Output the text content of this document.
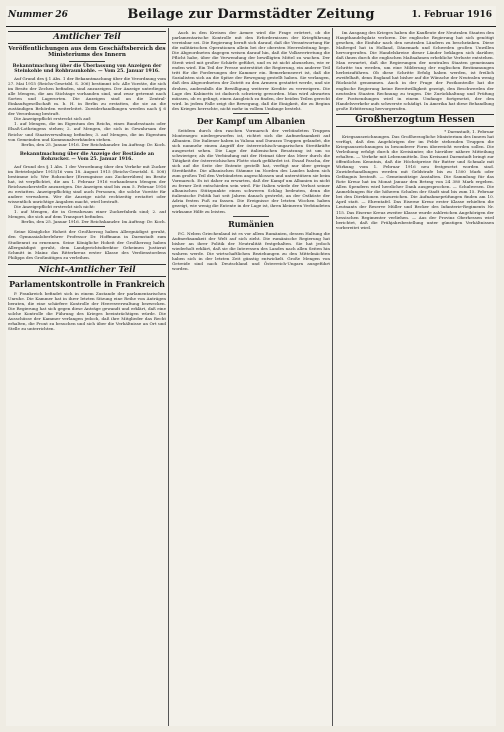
Nummer 26	Beilage zur Darmstädter Zeitung	1. Februar 1916
Amtlicher Teil
Veröffentlichungen aus dem Geschäftsbereich des Ministeriums des Innern

Bekanntmachung über die Überlassung von Anzeigen der Steinkohle und Rohbraunkohle. — Vom 25. Januar 1916.

Auf Grund des § 1 Abs. 1 der Bekanntmachung über die Verordnung vom 27. Mai 1915 (Reichs-Gesetzbl. S. 306) bestimmt ich: Alle Vorräte, die sich im Besitz der Zechen befinden, sind anzuzeigen. Der Anzeige unterliegen alle Mengen, die am Stichtage vorhanden sind, und zwar getrennt nach Sorten und Lagerorten. Die Anzeigen sind an die Zentral-Einkaufsgesellschaft m. b. H. in Berlin zu erstatten, die sie an die zuständigen Behörden weiterleitet. Zuwiderhandlungen werden nach § 6 der Verordnung bestraft.

Die Anzeigepflicht erstreckt sich auf:

1. auf Mengen, die im Eigentum des Reichs, eines Bundesstaats oder Elsaß-Lothringens stehen; 2. auf Mengen, die sich in Gewahrsam der Reichs- und Staatsverwaltung befinden; 3. auf Mengen, die im Eigentum von Gemeinden und Kommunalverbänden stehen.

Berlin, den 25. Januar 1916. Der Reichskanzler. Im Auftrag: Dr. Koch.

Bekanntmachung über die Anzeige der Bestände an Rohzucker. — Vom 25. Januar 1916.

Auf Grund des § 1 Abs. 1 der Verordnung über den Verkehr mit Zucker im Betriebsjahre 1915/16 vom 18. August 1915 (Reichs-Gesetzbl. S. 508) bestimme ich: Wer Rohzucker (Erzeugnisse aus Zuckerrüben) im Besitz hat, ist verpflichtet, die am 1. Februar 1916 vorhandenen Mengen der Reichszuckerstelle anzuzeigen. Die Anzeigen sind bis zum 5. Februar 1916 zu erstatten. Anzeigepflichtig sind auch Personen, die solche Vorräte für andere verwahren. Wer die Anzeige nicht rechtzeitig erstattet oder wissentlich unrichtige Angaben macht, wird bestraft.

Die Anzeigepflicht erstreckt sich nicht:

1. auf Mengen, die in Gewahrsam einer Zuckerfabrik sind; 2. auf Mengen, die sich auf dem Transport befinden.

Berlin, den 25. Januar 1916. Der Reichskanzler. Im Auftrag: Dr. Koch.

Seine Königliche Hoheit der Großherzog haben Allergnädigst geruht, den Gymnasialoberlehrer Professor Dr. Hoffmann in Darmstadt zum Studienrat zu ernennen. Seine Königliche Hoheit der Großherzog haben Allergnädigst geruht, dem Landgerichtsdirektor Geheimen Justizrat Schmitt in Mainz das Ritterkreuz erster Klasse des Verdienstordens Philipps des Großmütigen zu verleihen.

Nicht-Amtlicher Teil
Parlamentskontrolle in Frankreich

P. Frankreich befindet sich in einem Zustande der parlamentarischen Unruhe. Die Kammer hat in ihrer letzten Sitzung eine Reihe von Anträgen beraten, die eine schärfere Kontrolle der Heeresverwaltung bezwecken. Die Regierung hat sich gegen diese Anträge gewandt und erklärt, daß eine solche Kontrolle die Führung des Krieges beeinträchtigen würde. Die Ausschüsse der Kammer verlangen jedoch, daß ihre Mitglieder das Recht erhalten, die Front zu besuchen und sich über die Verhältnisse an Ort und Stelle zu unterrichten.

Auch in den Kreisen der Armee wird die Frage erörtert, ob die parlamentarische Kontrolle mit den Erfordernissen der Kriegführung vereinbar sei. Die Regierung beruft sich darauf, daß die Verantwortung für die militärischen Operationen allein bei der obersten Heeresleitung liege. Die Abgeordneten dagegen weisen darauf hin, daß die Volksvertretung die Pflicht habe, über die Verwendung der bewilligten Mittel zu wachen. Der Streit wird mit großer Schärfe geführt, und es ist nicht abzusehen, wie er enden wird. Ein Teil der Presse unterstützt die Regierung, ein anderer Teil tritt für die Forderungen der Kammer ein. Bemerkenswert ist, daß die Sozialisten sich an die Spitze der Bewegung gestellt haben. Sie verlangen, daß den Abgeordneten der Zutritt zu den Armeen gestattet werde, und sie drohen, andernfalls die Bewilligung weiterer Kredite zu verweigern. Die Lage des Kabinetts ist dadurch schwierig geworden. Man wird abwarten müssen, ob es gelingt, einen Ausgleich zu finden, der beiden Teilen gerecht wird. In jedem Falle zeigt die Bewegung, daß die Einigkeit, die zu Beginn des Krieges herrschte, nicht mehr in vollem Umfange besteht.

Der Kampf um Albanien

Seitdem durch den raschen Vormarsch der verbündeten Truppen Montenegro niedergeworfen ist, richtet sich die Aufmerksamkeit auf Albanien. Die Italiener haben in Valona und Durazzo Truppen gelandet, die sich nunmehr einem Angriff der österreichisch-ungarischen Streitkräfte ausgesetzt sehen. Die Lage der italienischen Besatzung ist um so schwieriger, als die Verbindung mit der Heimat über das Meer durch die Tätigkeit der österreichischen Flotte stark gefährdet ist. Essad Pascha, der sich auf die Seite der Entente gestellt hat, verfügt nur über geringe Streitkräfte. Die albanischen Stämme im Norden des Landes haben sich zum großen Teil den Verbündeten angeschlossen und unterstützen sie beim Vormarsch. Es ist daher zu erwarten, daß der Kampf um Albanien in nicht zu ferner Zeit entschieden sein wird. Für Italien würde der Verlust seiner albanischen Stützpunkte einen schweren Schlag bedeuten, denn die italienische Politik hat seit Jahren danach gestrebt, an der Ostküste der Adria festen Fuß zu fassen. Die Ereignisse der letzten Wochen haben gezeigt, wie wenig die Entente in der Lage ist, ihren kleineren Verbündeten wirksame Hilfe zu leisten.

Rumänien

P.C. Neben Griechenland ist es vor allem Rumänien, dessen Haltung die Aufmerksamkeit der Welt auf sich zieht. Die rumänische Regierung hat bisher an ihrer Politik der Neutralität festgehalten. Sie hat jedoch wiederholt erklärt, daß sie die Interessen des Landes nach allen Seiten hin wahren werde. Die wirtschaftlichen Beziehungen zu den Mittelmächten haben sich in der letzten Zeit günstig entwickelt. Große Mengen von Getreide sind nach Deutschland und Österreich-Ungarn ausgeführt worden.

Im Ausgang des Krieges haben die Kaufleute der Neutralen Staaten den Haupthandelsplatz verloren. Die englische Regierung hat sich genötigt gesehen, die Einfuhr nach den neutralen Ländern zu beschränken. Diese Maßregel hat in Holland, Dänemark und Schweden großen Unwillen hervorgerufen. Die Handelskreise dieser Länder beklagen sich darüber, daß ihnen durch die englischen Maßnahmen erhebliche Verluste entstehen. Man erwartet, daß die Regierungen der neutralen Staaten gemeinsam Schritte tun werden, um eine Milderung der englischen Bestimmungen herbeizuführen. Ob diese Schritte Erfolg haben werden, ist freilich zweifelhaft, denn England hat bisher auf die Wünsche der Neutralen wenig Rücksicht genommen. Auch in der Frage der Postkontrolle hat die englische Regierung keine Bereitwilligkeit gezeigt, den Beschwerden der neutralen Staaten Rechnung zu tragen. Die Zurückhaltung und Prüfung der Postsendungen wird in einem Umfange fortgesetzt, der den Handelsverkehr aufs schwerste schädigt. In Amerika hat diese Behandlung große Erbitterung hervorgerufen.

Großherzogtum Hessen

* Darmstadt, 1. Februar

Kriegsauszeichnungen. Das Großherzogliche Ministerium des Innern hat verfügt, daß den Angehörigen der im Felde stehenden Truppen die Kriegsauszeichnungen in besonderer Form überreicht werden sollen. Die Verleihung erfolgt durch die Kreisämter, die hierüber nähere Mitteilung erhalten. — Verkehr mit Lebensmitteln. Das Kreisamt Darmstadt bringt zur öffentlichen Kenntnis, daß die Höchstpreise für Butter und Schmalz mit Wirkung vom 1. Februar 1916 neu festgesetzt worden sind. Zuwiderhandlungen werden mit Geldstrafe bis zu 1500 Mark oder Gefängnis bestraft. — Gemeinnützige Anstalten. Die Sammlung für das Rote Kreuz hat im Monat Januar den Betrag von 24 380 Mark ergeben. Allen Spendern wird herzlicher Dank ausgesprochen. — Schulwesen. Die Anmeldungen für die höheren Schulen der Stadt sind bis zum 15. Februar bei den Direktionen einzureichen. Die Aufnahmeprüfungen finden am 10. April statt. — Ehrentafel. Das Eiserne Kreuz erster Klasse erhielten die Leutnants der Reserve Müller und Becker des Infanterie-Regiments Nr. 115. Das Eiserne Kreuz zweiter Klasse wurde zahlreichen Angehörigen der hessischen Regimenter verliehen. — Aus der Provinz Oberhessen wird berichtet, daß die Frühjahrsbestellung unter günstigen Verhältnissen vorbereitet wird.
